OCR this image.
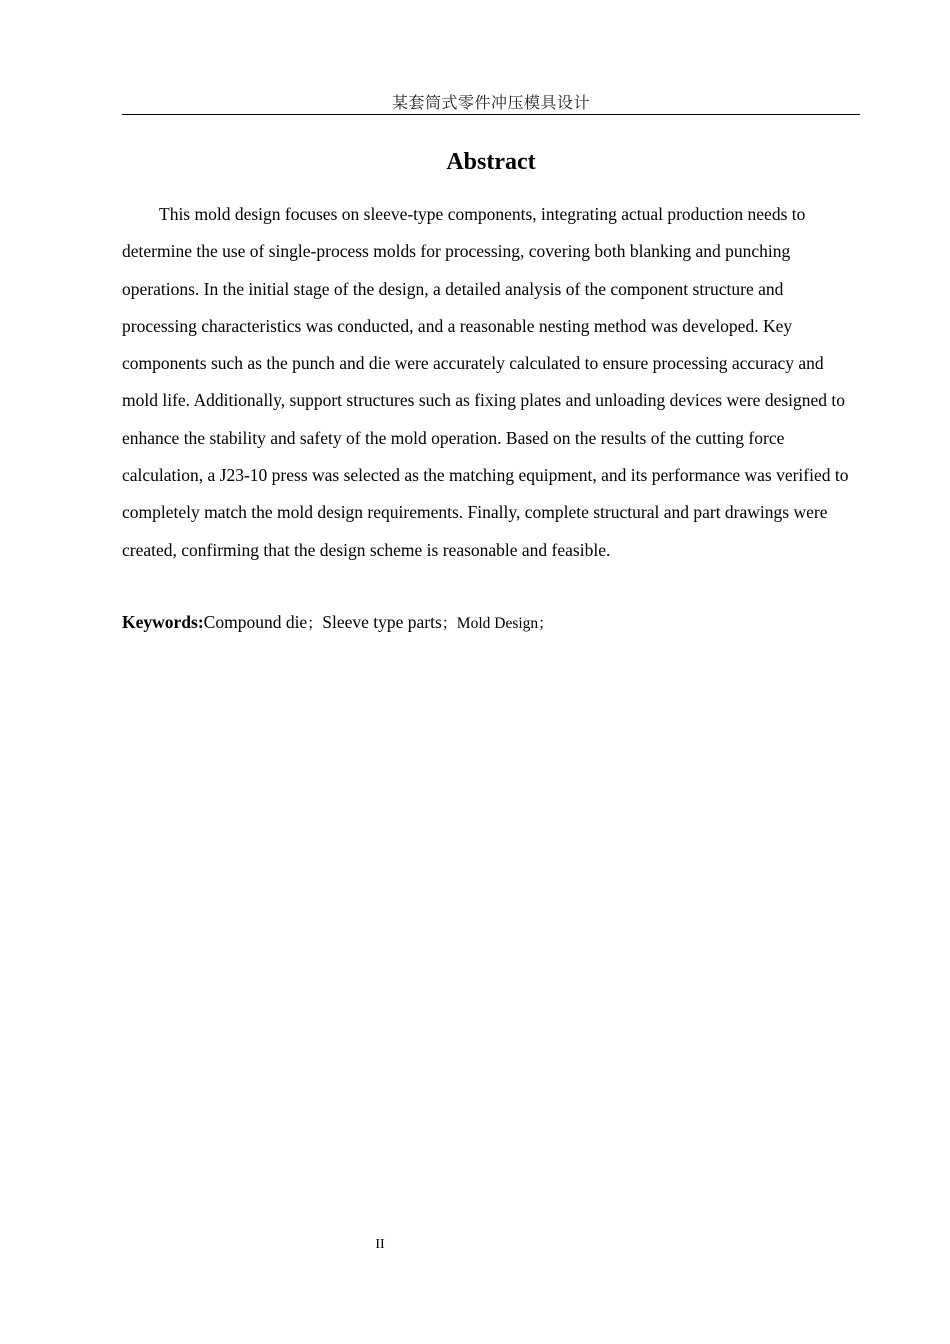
某套筒式零件冲压模具设计
Abstract

This mold design focuses on sleeve-type components, integrating actual production needs to determine the use of single-process molds for processing, covering both blanking and punching operations. In the initial stage of the design, a detailed analysis of the component structure and processing characteristics was conducted, and a reasonable nesting method was developed. Key components such as the punch and die were accurately calculated to ensure processing accuracy and mold life. Additionally, support structures such as fixing plates and unloading devices were designed to enhance the stability and safety of the mold operation. Based on the results of the cutting force calculation, a J23-10 press was selected as the matching equipment, and its performance was verified to completely match the mold design requirements. Finally, complete structural and part drawings were created, confirming that the design scheme is reasonable and feasible.

Keywords:Compound die；Sleeve type parts；Mold Design；
II
